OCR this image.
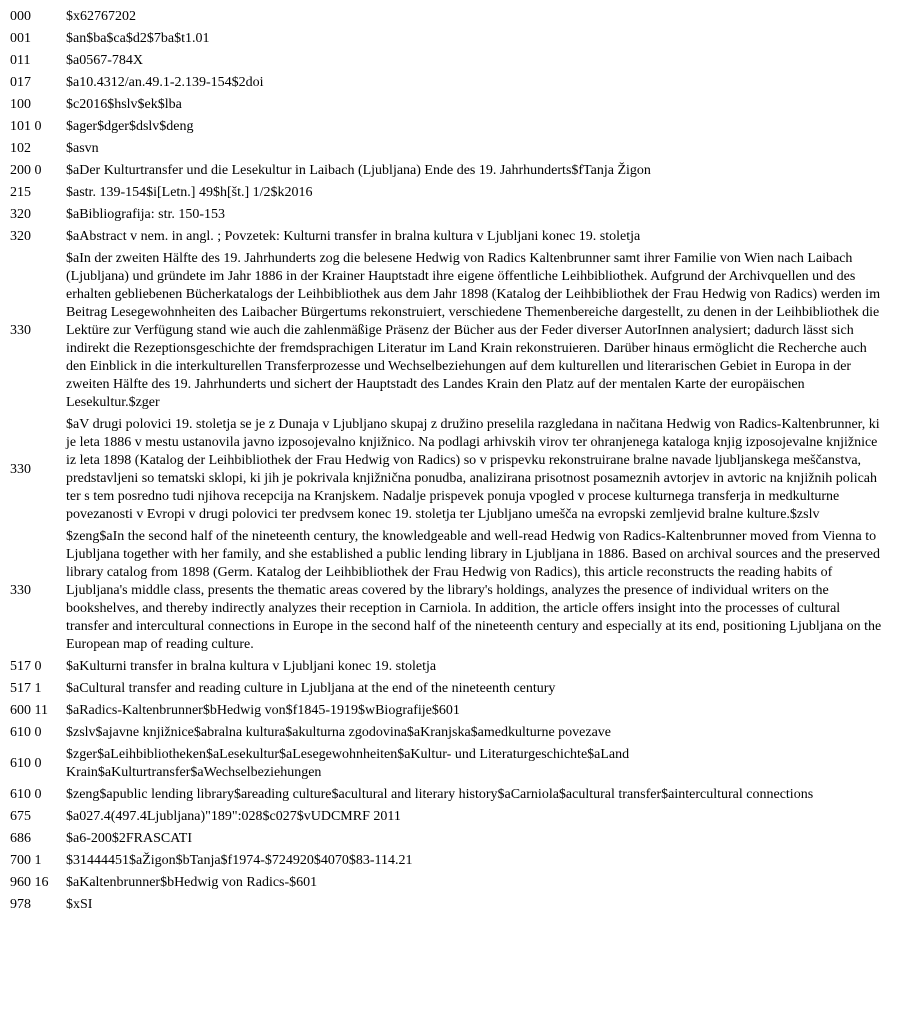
000	$x62767202
001	$an$ba$ca$d2$7ba$t1.01
011	$a0567-784X
017	$a10.4312/an.49.1-2.139-154$2doi
100	$c2016$hslv$ek$lba
101 0	$ager$dger$dslv$deng
102	$asvn
200 0	$aDer Kulturtransfer und die Lesekultur in Laibach (Ljubljana) Ende des 19. Jahrhunderts$fTanja Žigon
215	$astr. 139-154$i[Letn.] 49$h[št.] 1/2$k2016
320	$aBibliografija: str. 150-153
320	$aAbstract v nem. in angl. ; Povzetek: Kulturni transfer in bralna kultura v Ljubljani konec 19. stoletja
330	$aIn der zweiten Hälfte des 19. Jahrhunderts zog die belesene Hedwig von Radics Kaltenbrunner samt ihrer Familie von Wien nach Laibach (Ljubljana) und gründete im Jahr 1886 in der Krainer Hauptstadt ihre eigene öffentliche Leihbibliothek. Aufgrund der Archivquellen und des erhalten gebliebenen Bücherkatalogs der Leihbibliothek aus dem Jahr 1898 (Katalog der Leihbibliothek der Frau Hedwig von Radics) werden im Beitrag Lesegewohnheiten des Laibacher Bürgertums rekonstruiert, verschiedene Themenbereiche dargestellt, zu denen in der Leihbibliothek die Lektüre zur Verfügung stand wie auch die zahlenmäßige Präsenz der Bücher aus der Feder diverser AutorInnen analysiert; dadurch lässt sich indirekt die Rezeptionsgeschichte der fremdsprachigen Literatur im Land Krain rekonstruieren. Darüber hinaus ermöglicht die Recherche auch den Einblick in die interkulturellen Transferprozesse und Wechselbeziehungen auf dem kulturellen und literarischen Gebiet in Europa in der zweiten Hälfte des 19. Jahrhunderts und sichert der Hauptstadt des Landes Krain den Platz auf der mentalen Karte der europäischen Lesekultur.$zger
330	$aV drugi polovici 19. stoletja se je z Dunaja v Ljubljano skupaj z družino preselila razgledana in načitana Hedwig von Radics-Kaltenbrunner, ki je leta 1886 v mestu ustanovila javno izposojevalno knjižnico. Na podlagi arhivskih virov ter ohranjenega kataloga knjig izposojevalne knjižnice iz leta 1898 (Katalog der Leihbibliothek der Frau Hedwig von Radics) so v prispevku rekonstruirane bralne navade ljubljanskega meščanstva, predstavljeni so tematski sklopi, ki jih je pokrivala knjižnična ponudba, analizirana prisotnost posameznih avtorjev in avtoric na knjižnih policah ter s tem posredno tudi njihova recepcija na Kranjskem. Nadalje prispevek ponuja vpogled v procese kulturnega transferja in medkulturne povezanosti v Evropi v drugi polovici ter predvsem konec 19. stoletja ter Ljubljano umešča na evropski zemljevid bralne kulture.$zslv
330	$zeng$aIn the second half of the nineteenth century, the knowledgeable and well-read Hedwig von Radics-Kaltenbrunner moved from Vienna to Ljubljana together with her family, and she established a public lending library in Ljubljana in 1886. Based on archival sources and the preserved library catalog from 1898 (Germ. Katalog der Leihbibliothek der Frau Hedwig von Radics), this article reconstructs the reading habits of Ljubljana's middle class, presents the thematic areas covered by the library's holdings, analyzes the presence of individual writers on the bookshelves, and thereby indirectly analyzes their reception in Carniola. In addition, the article offers insight into the processes of cultural transfer and intercultural connections in Europe in the second half of the nineteenth century and especially at its end, positioning Ljubljana on the European map of reading culture.
517 0	$aKulturni transfer in bralna kultura v Ljubljani konec 19. stoletja
517 1	$aCultural transfer and reading culture in Ljubljana at the end of the nineteenth century
600 11	$aRadics-Kaltenbrunner$bHedwig von$f1845-1919$wBiografije$601
610 0	$zslv$ajavne knjižnice$abralna kultura$akulturna zgodovina$aKranjska$amedkulturne povezave
610 0	$zger$aLeihbibliotheken$aLesekultur$aLesegewohnheiten$aKultur- und Literaturgeschichte$aLand Krain$aKulturtransfer$aWechselbeziehungen
610 0	$zeng$apublic lending library$areading culture$acultural and literary history$aCarniola$acultural transfer$aintercultural connections
675	$a027.4(497.4Ljubljana)"189":028$c027$vUDCMRF 2011
686	$a6-200$2FRASCATI
700 1	$31444451$aŽigon$bTanja$f1974-$724920$4070$83-114.21
960 16	$aKaltenbrunner$bHedwig von Radics-$601
978	$xSI
